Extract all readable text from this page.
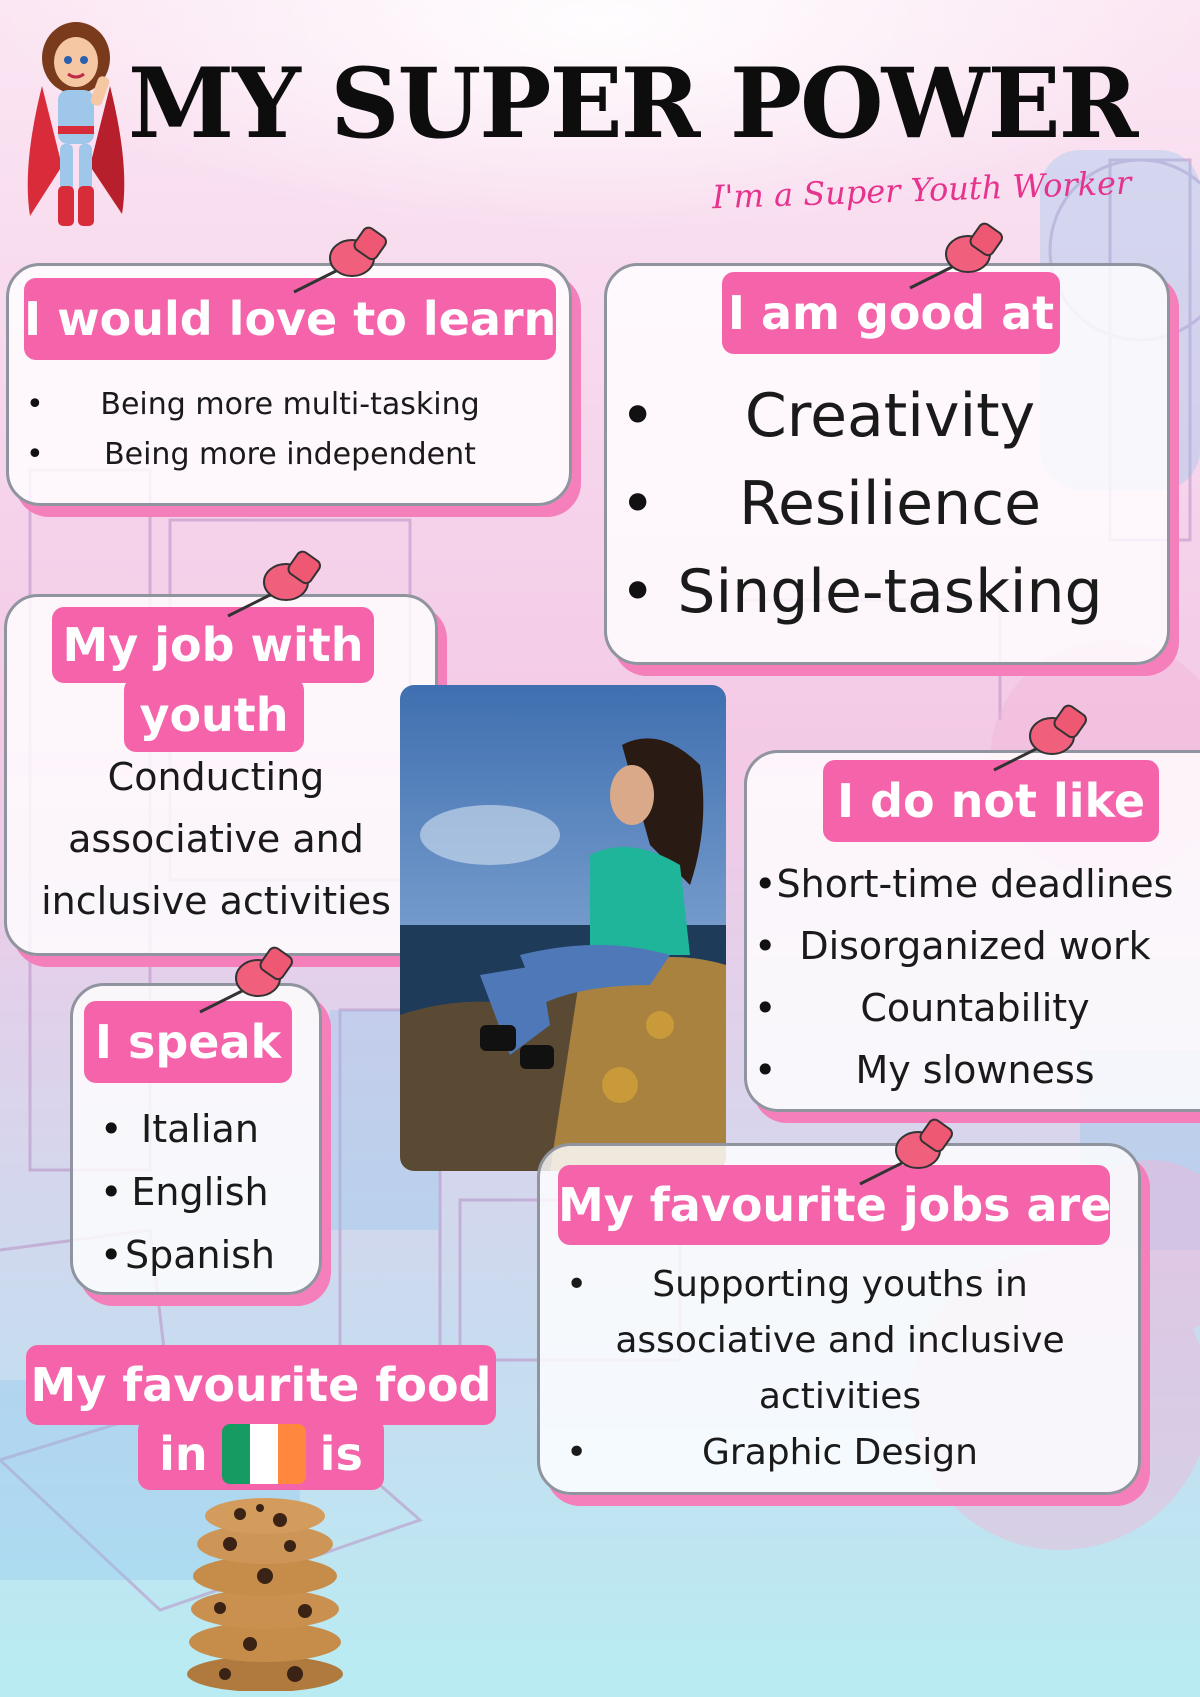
MY SUPER POWER
I'm a Super Youth Worker
I would love to learn
• Being more multi-tasking
• Being more independent
I am good at
• Creativity
• Resilience
• Single-tasking
My job with
youth
Conducting
associative and
inclusive activities
I do not like
• Short-time deadlines
• Disorganized work
• Countability
• My slowness
I speak
• Italian
• English
• Spanish
My favourite jobs are
•	Supporting youths in
associative and inclusive
activities
•	Graphic Design
My favourite food
in is
